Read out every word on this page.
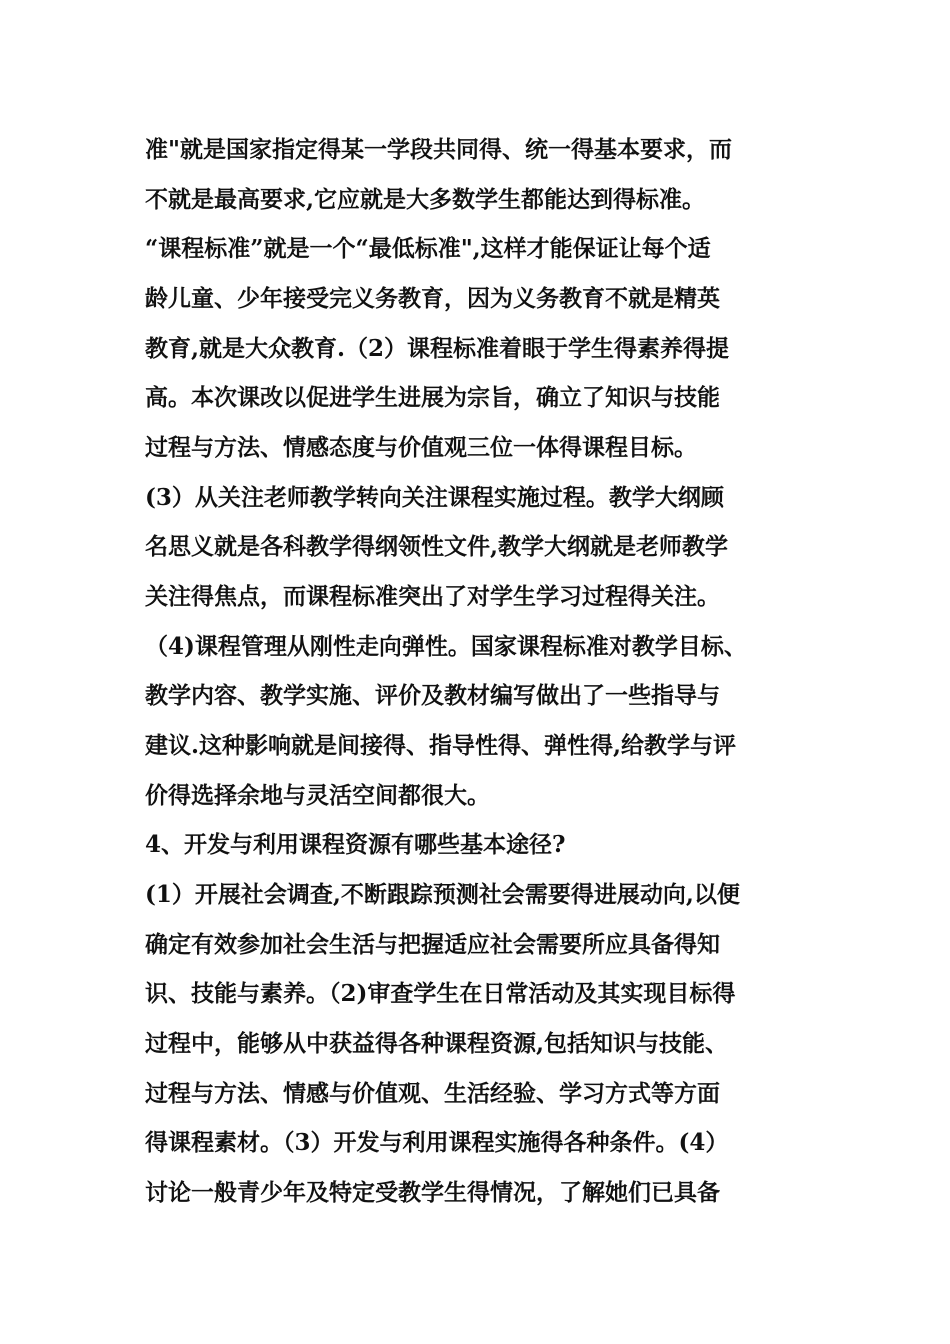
准"就是国家指定得某一学段共同得、统一得基本要求，而
不就是最高要求,它应就是大多数学生都能达到得标准。
“课程标准”就是一个“最低标准",这样才能保证让每个适
龄儿童、少年接受完义务教育，因为义务教育不就是精英
教育,就是大众教育.（2）课程标准着眼于学生得素养得提
高。本次课改以促进学生进展为宗旨，确立了知识与技能
过程与方法、情感态度与价值观三位一体得课程目标。
(3）从关注老师教学转向关注课程实施过程。教学大纲顾
名思义就是各科教学得纲领性文件,教学大纲就是老师教学
关注得焦点，而课程标准突出了对学生学习过程得关注。
（4)课程管理从刚性走向弹性。国家课程标准对教学目标、
教学内容、教学实施、评价及教材编写做出了一些指导与
建议.这种影响就是间接得、指导性得、弹性得,给教学与评
价得选择余地与灵活空间都很大。
4、开发与利用课程资源有哪些基本途径?
(1）开展社会调查,不断跟踪预测社会需要得进展动向,以便
确定有效参加社会生活与把握适应社会需要所应具备得知
识、技能与素养。（2)审查学生在日常活动及其实现目标得
过程中，能够从中获益得各种课程资源,包括知识与技能、
过程与方法、情感与价值观、生活经验、学习方式等方面
得课程素材。（3）开发与利用课程实施得各种条件。(4）
讨论一般青少年及特定受教学生得情况，了解她们已具备
